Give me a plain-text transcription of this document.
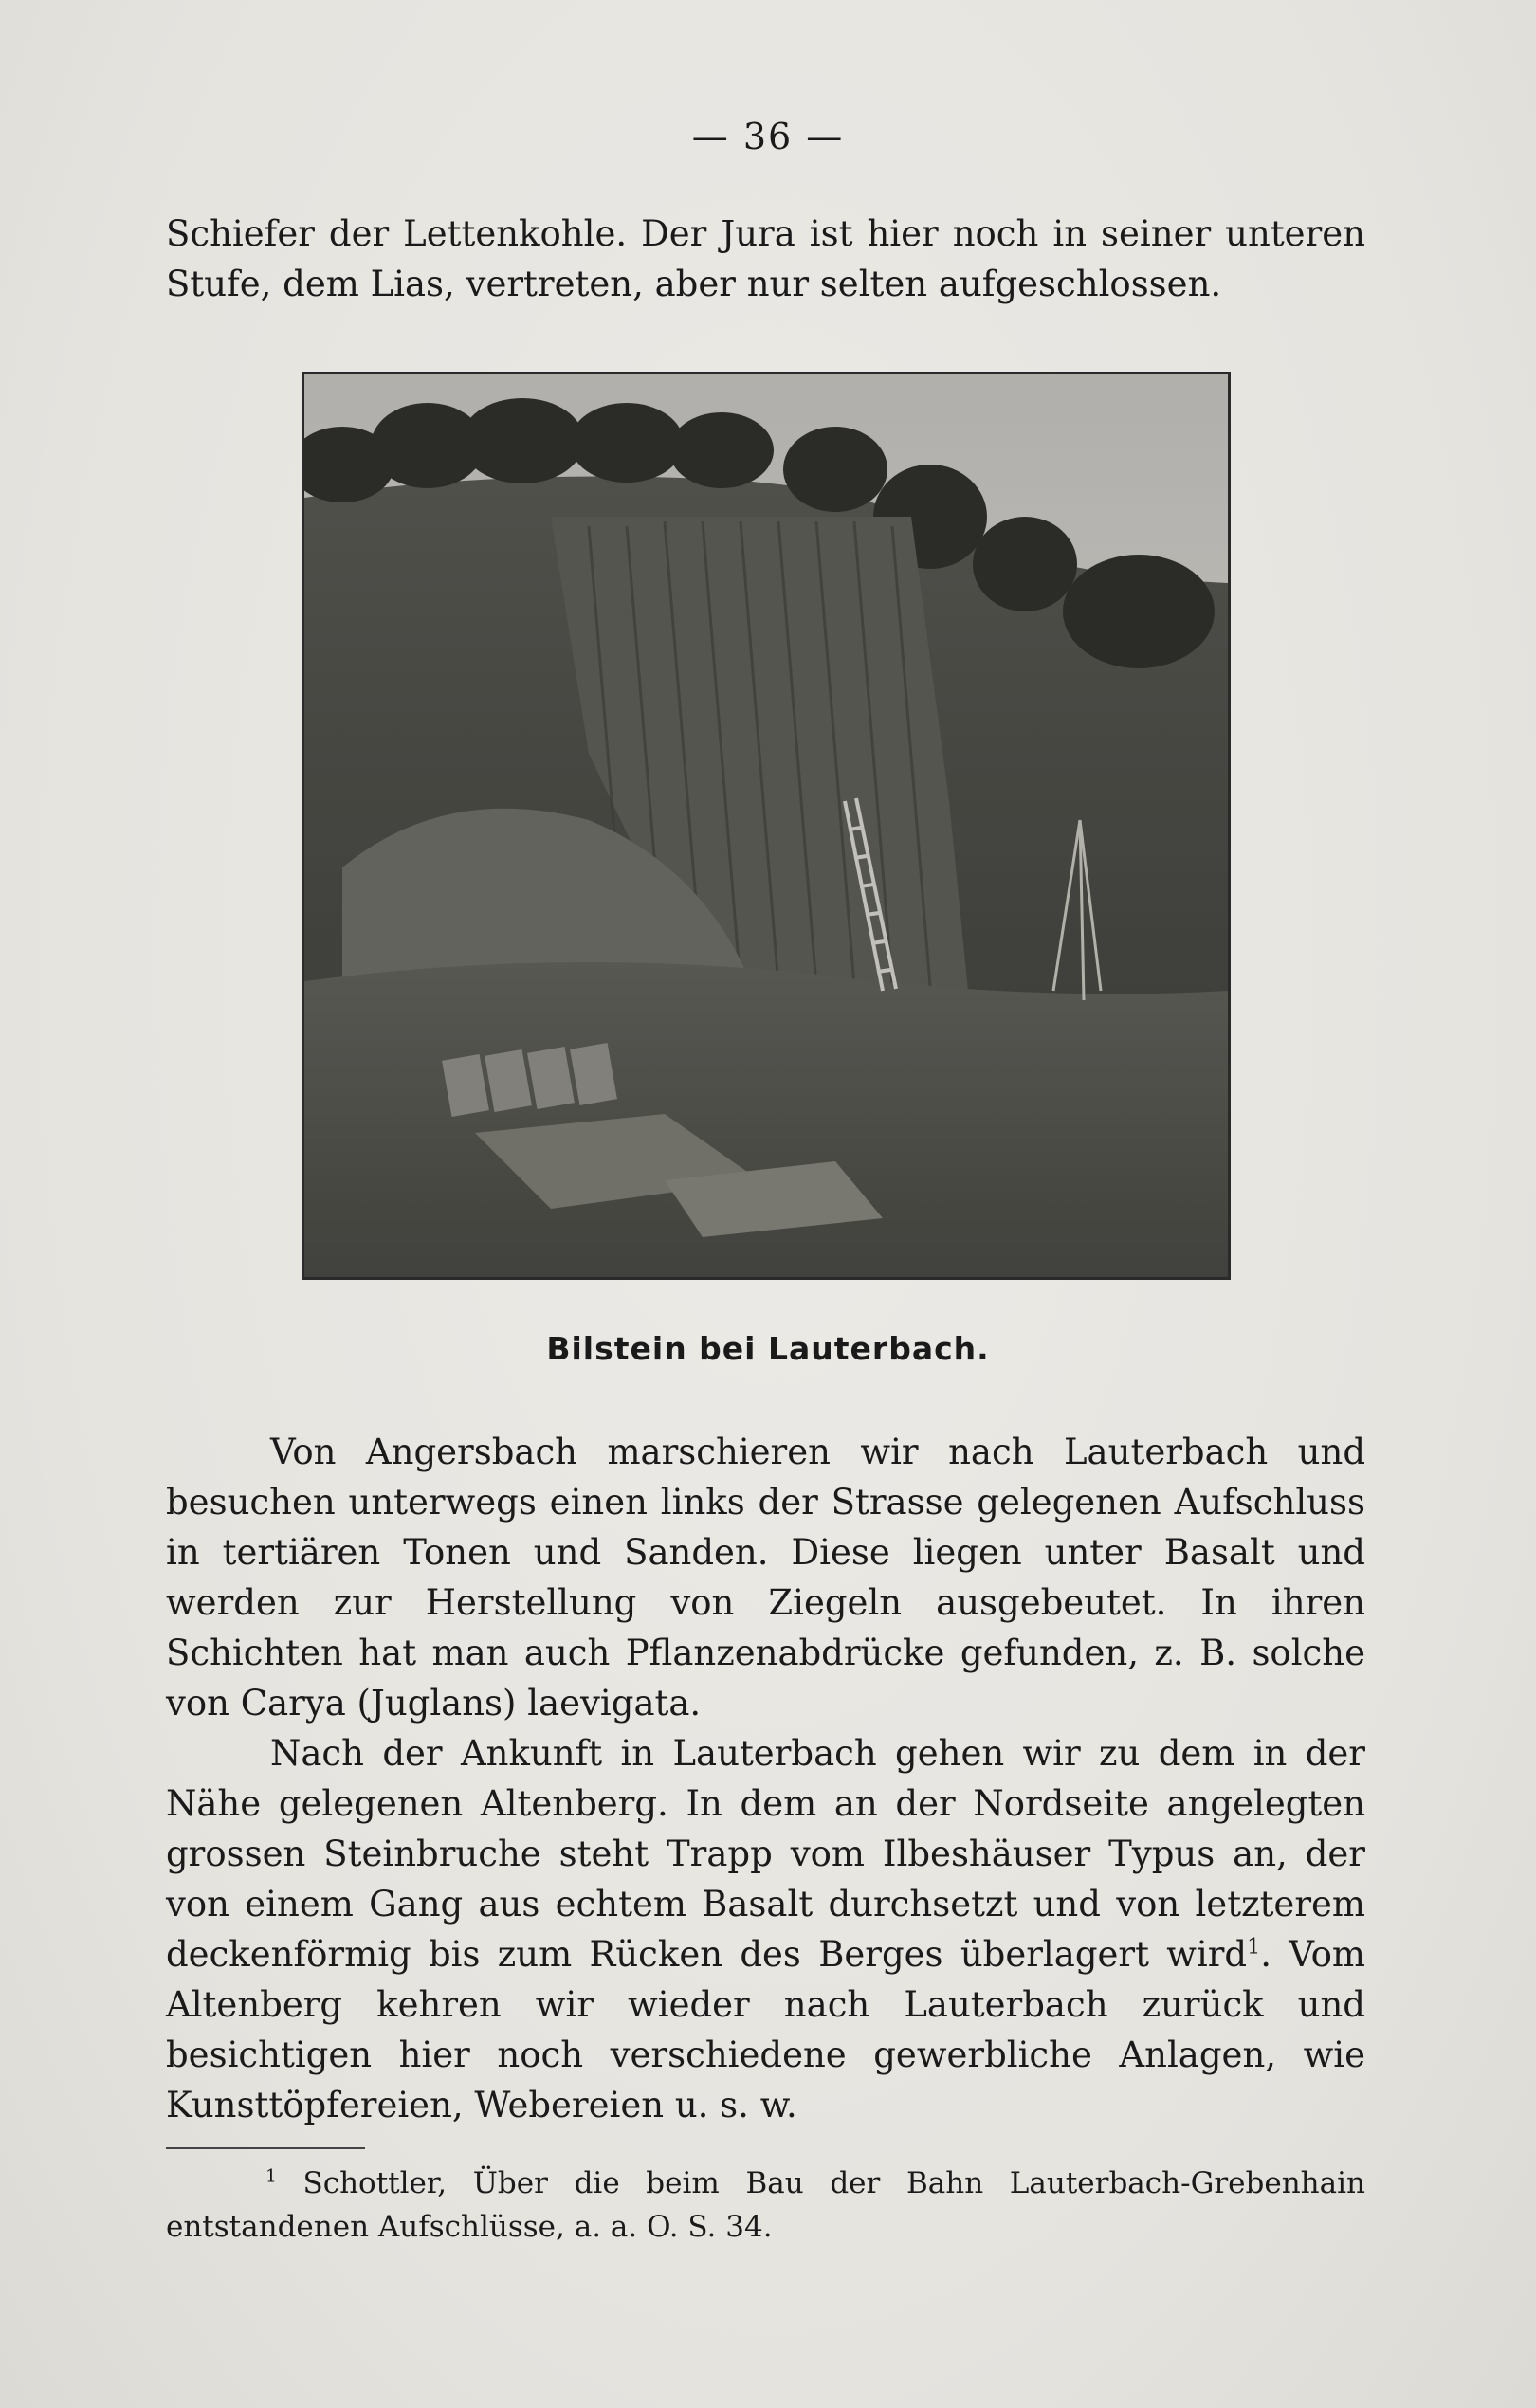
— 36 —
Schiefer der Lettenkohle. Der Jura ist hier noch in seiner unteren Stufe, dem Lias, vertreten, aber nur selten aufgeschlossen.
Bilstein bei Lauterbach.
Von Angersbach marschieren wir nach Lauterbach und besuchen unterwegs einen links der Strasse gelegenen Aufschluss in tertiären Tonen und Sanden. Diese liegen unter Basalt und werden zur Herstellung von Ziegeln ausgebeutet. In ihren Schichten hat man auch Pflanzenabdrücke gefunden, z. B. solche von Carya (Juglans) laevigata.
Nach der Ankunft in Lauterbach gehen wir zu dem in der Nähe gelegenen Altenberg. In dem an der Nordseite angelegten grossen Steinbruche steht Trapp vom Ilbeshäuser Typus an, der von einem Gang aus echtem Basalt durchsetzt und von letzterem deckenförmig bis zum Rücken des Berges überlagert wird$^1$. Vom Altenberg kehren wir wieder nach Lauterbach zurück und besichtigen hier noch verschiedene gewerbliche Anlagen, wie Kunsttöpfereien, Webereien u. s. w.
$^1$ Schottler, Über die beim Bau der Bahn Lauterbach-Grebenhain entstandenen Aufschlüsse, a. a. O. S. 34.
